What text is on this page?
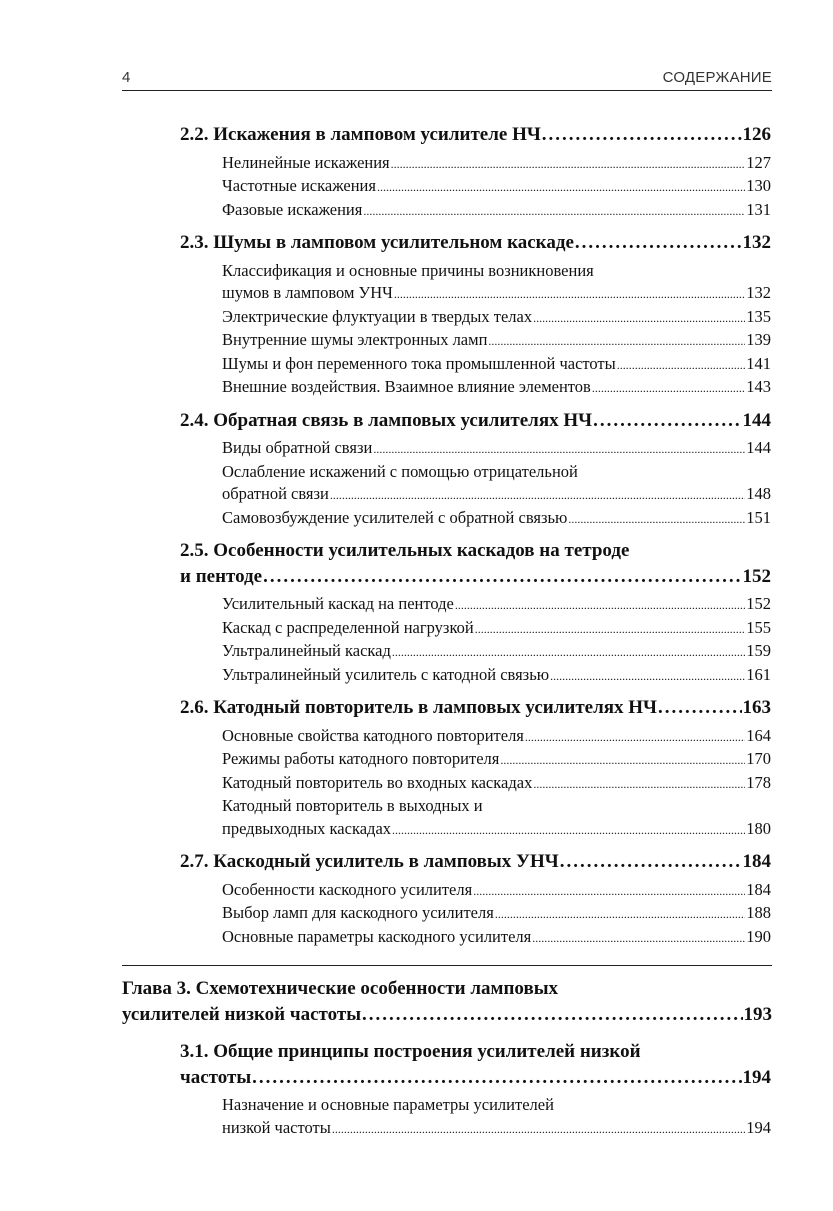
4	СОДЕРЖАНИЕ
2.2. Искажения в ламповом усилителе НЧ .....	126
Нелинейные искажения .....	127
Частотные искажения .....	130
Фазовые искажения .....	131
2.3. Шумы в ламповом усилительном каскаде .....	132
Классификация и основные причины возникновения
шумов в ламповом УНЧ .....	132
Электрические флуктуации в твердых телах .....	135
Внутренние шумы электронных ламп .....	139
Шумы и фон переменного тока промышленной частоты .....	141
Внешние воздействия. Взаимное влияние элементов .....	143
2.4. Обратная связь в ламповых усилителях НЧ .....	144
Виды обратной связи .....	144
Ослабление искажений с помощью отрицательной
обратной связи .....	148
Самовозбуждение усилителей с обратной связью .....	151
2.5. Особенности усилительных каскадов на тетроде
и пентоде .....	152
Усилительный каскад на пентоде .....	152
Каскад с распределенной нагрузкой .....	155
Ультралинейный каскад .....	159
Ультралинейный усилитель с катодной связью .....	161
2.6. Катодный повторитель в ламповых усилителях НЧ .....	163
Основные свойства катодного повторителя .....	164
Режимы работы катодного повторителя .....	170
Катодный повторитель во входных каскадах .....	178
Катодный повторитель в выходных и
предвыходных каскадах .....	180
2.7. Каскодный усилитель в ламповых УНЧ .....	184
Особенности каскодного усилителя .....	184
Выбор ламп для каскодного усилителя .....	188
Основные параметры каскодного усилителя .....	190
Глава 3. Схемотехнические особенности ламповых
усилителей низкой частоты .....	193
3.1. Общие принципы построения усилителей низкой
частоты .....	194
Назначение и основные параметры усилителей
низкой частоты .....	194
